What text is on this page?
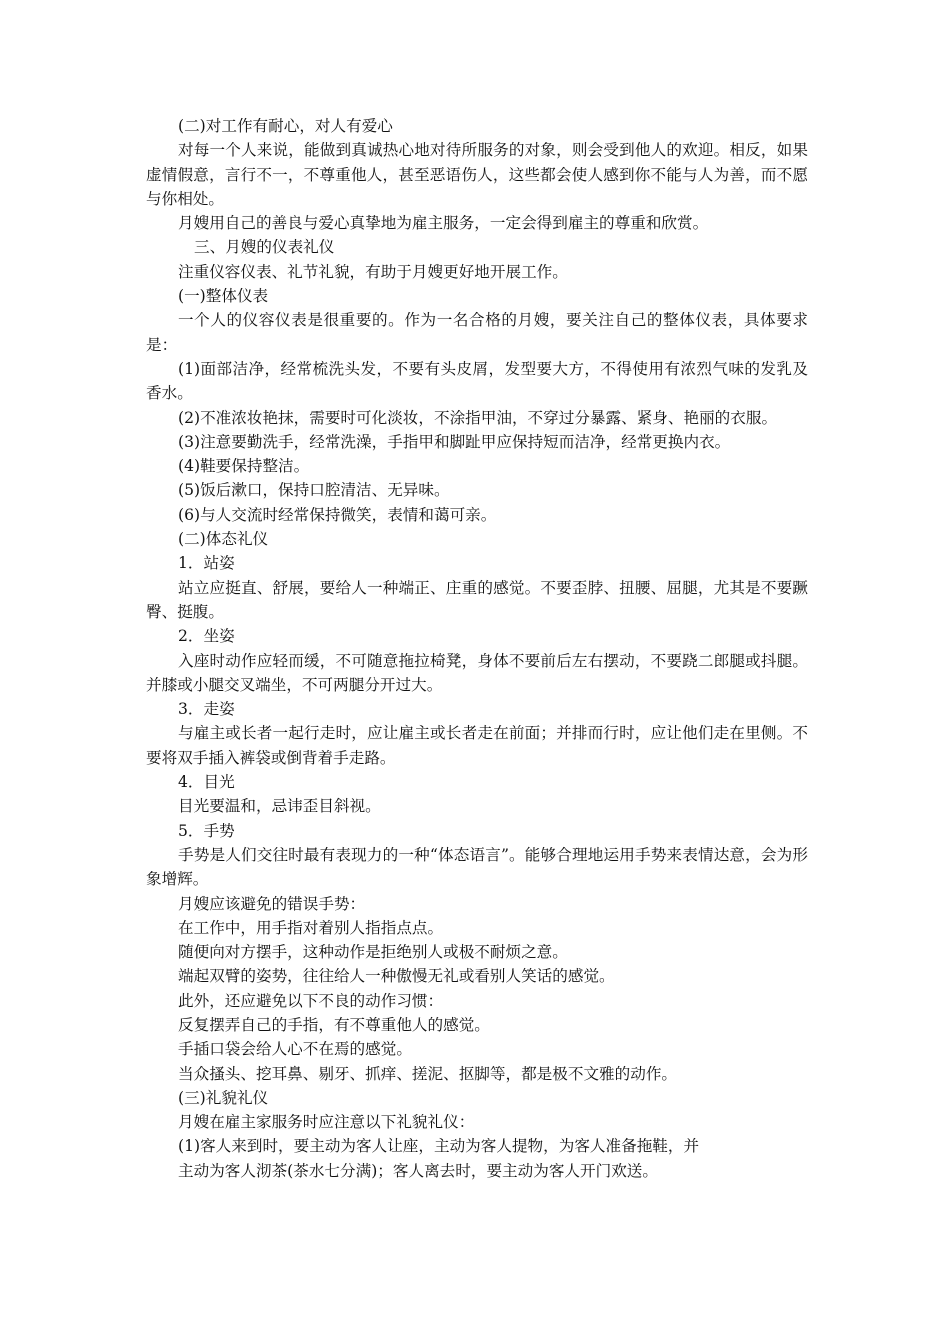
(二)对工作有耐心，对人有爱心

对每一个人来说，能做到真诚热心地对待所服务的对象，则会受到他人的欢迎。相反，如果虚情假意，言行不一，不尊重他人，甚至恶语伤人，这些都会使人感到你不能与人为善，而不愿与你相处。

月嫂用自己的善良与爱心真挚地为雇主服务，一定会得到雇主的尊重和欣赏。

三、月嫂的仪表礼仪

注重仪容仪表、礼节礼貌，有助于月嫂更好地开展工作。

(一)整体仪表

一个人的仪容仪表是很重要的。作为一名合格的月嫂，要关注自己的整体仪表，具体要求是：

(1)面部洁净，经常梳洗头发，不要有头皮屑，发型要大方，不得使用有浓烈气味的发乳及香水。

(2)不准浓妆艳抹，需要时可化淡妆，不涂指甲油，不穿过分暴露、紧身、艳丽的衣服。

(3)注意要勤洗手，经常洗澡，手指甲和脚趾甲应保持短而洁净，经常更换内衣。

(4)鞋要保持整洁。

(5)饭后漱口，保持口腔清洁、无异味。

(6)与人交流时经常保持微笑，表情和蔼可亲。

(二)体态礼仪

1．站姿

站立应挺直、舒展，要给人一种端正、庄重的感觉。不要歪脖、扭腰、屈腿，尤其是不要蹶臀、挺腹。

2．坐姿

入座时动作应轻而缓，不可随意拖拉椅凳，身体不要前后左右摆动，不要跷二郎腿或抖腿。并膝或小腿交叉端坐，不可两腿分开过大。

3．走姿

与雇主或长者一起行走时，应让雇主或长者走在前面；并排而行时，应让他们走在里侧。不要将双手插入裤袋或倒背着手走路。

4．目光

目光要温和，忌讳歪目斜视。

5．手势

手势是人们交往时最有表现力的一种“体态语言”。能够合理地运用手势来表情达意，会为形象增辉。

月嫂应该避免的错误手势：

在工作中，用手指对着别人指指点点。

随便向对方摆手，这种动作是拒绝别人或极不耐烦之意。

端起双臂的姿势，往往给人一种傲慢无礼或看别人笑话的感觉。

此外，还应避免以下不良的动作习惯：

反复摆弄自己的手指，有不尊重他人的感觉。

手插口袋会给人心不在焉的感觉。

当众搔头、挖耳鼻、剔牙、抓痒、搓泥、抠脚等，都是极不文雅的动作。

(三)礼貌礼仪

月嫂在雇主家服务时应注意以下礼貌礼仪：

(1)客人来到时，要主动为客人让座，主动为客人提物，为客人准备拖鞋，并

主动为客人沏茶(茶水七分满)；客人离去时，要主动为客人开门欢送。
